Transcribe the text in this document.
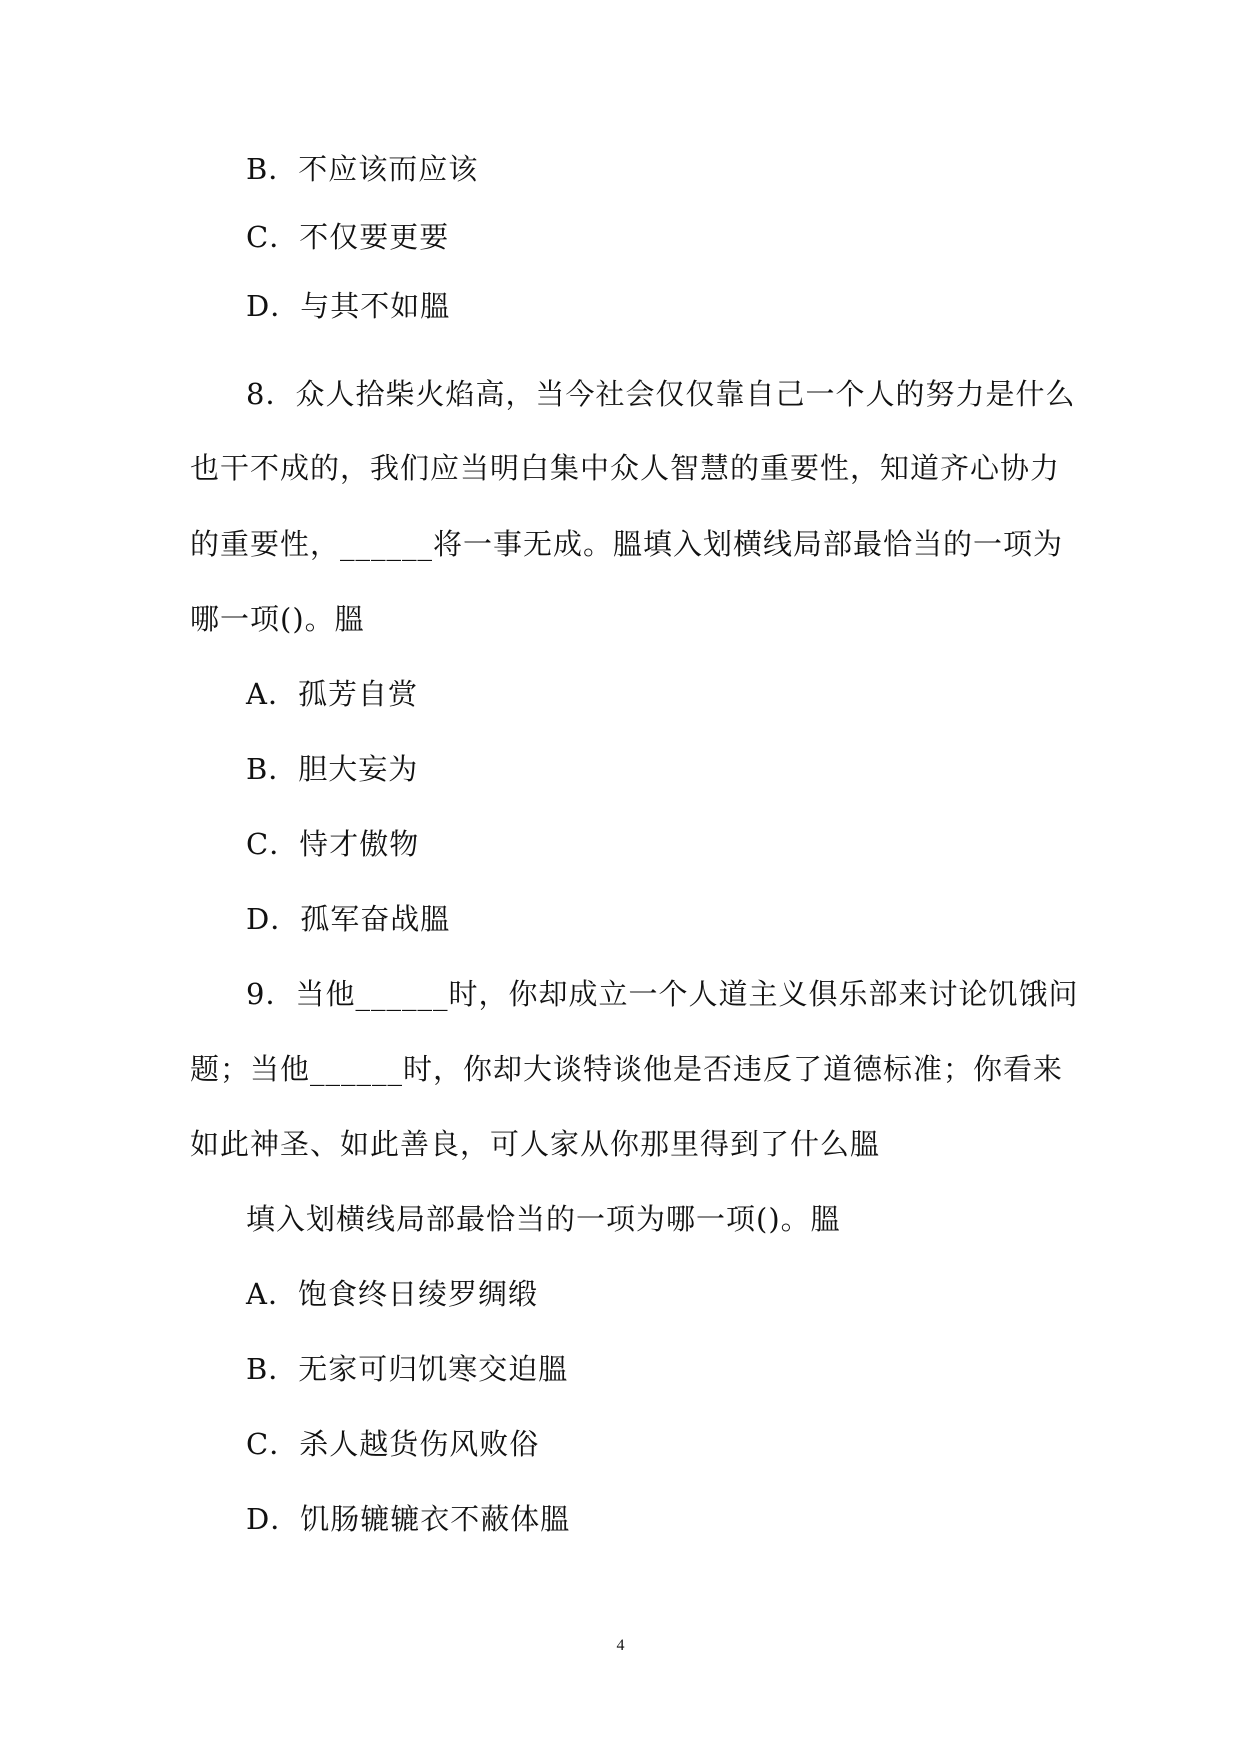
B．不应该而应该
C．不仅要更要
D．与其不如膃
8．众人拾柴火焰高，当今社会仅仅靠自己一个人的努力是什么
也干不成的，我们应当明白集中众人智慧的重要性，知道齐心协力
的重要性，______将一事无成。膃填入划横线局部最恰当的一项为
哪一项()。膃
A．孤芳自赏
B．胆大妄为
C．恃才傲物
D．孤军奋战膃
9．当他______时，你却成立一个人道主义俱乐部来讨论饥饿问
题；当他______时，你却大谈特谈他是否违反了道德标准；你看来
如此神圣、如此善良，可人家从你那里得到了什么膃
填入划横线局部最恰当的一项为哪一项()。膃
A．饱食终日绫罗绸缎
B．无家可归饥寒交迫膃
C．杀人越货伤风败俗
D．饥肠辘辘衣不蔽体膃
4
